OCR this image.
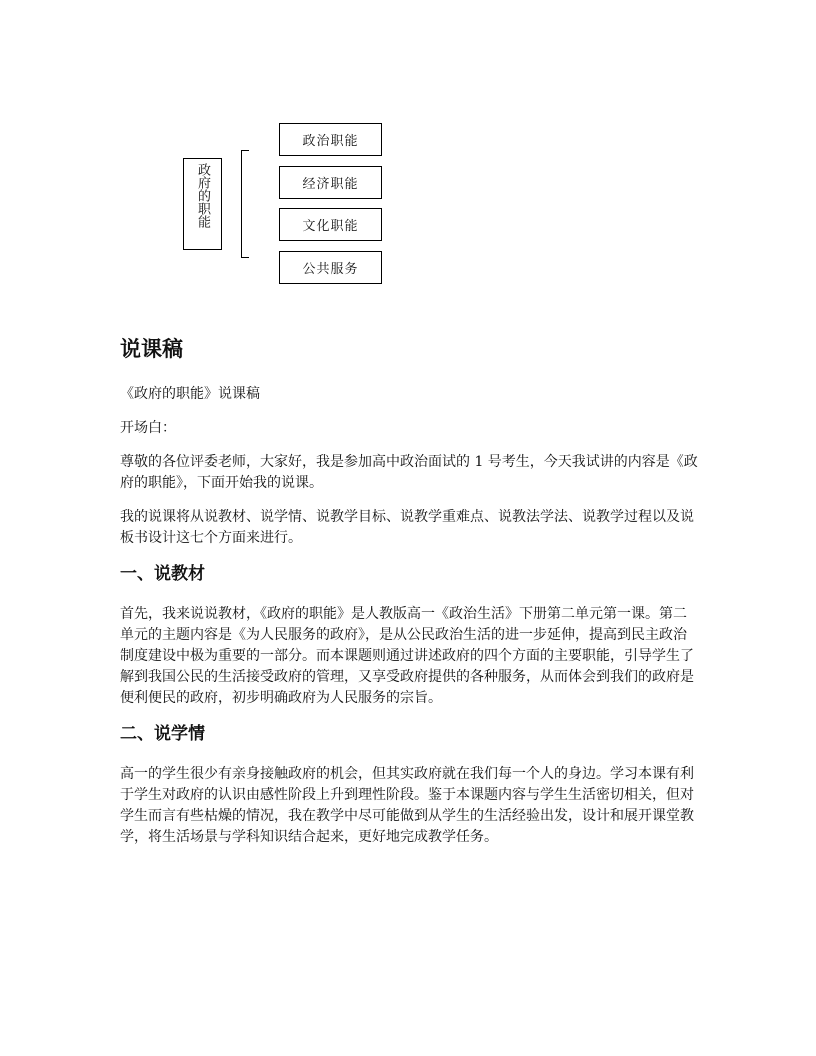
政府的职能
政治职能
经济职能
文化职能
公共服务
说课稿

《政府的职能》说课稿

开场白：

尊敬的各位评委老师，大家好，我是参加高中政治面试的 1 号考生，今天我试讲的内容是《政府的职能》，下面开始我的说课。

我的说课将从说教材、说学情、说教学目标、说教学重难点、说教法学法、说教学过程以及说板书设计这七个方面来进行。

一、说教材

首先，我来说说教材，《政府的职能》是人教版高一《政治生活》下册第二单元第一课。第二单元的主题内容是《为人民服务的政府》，是从公民政治生活的进一步延伸，提高到民主政治制度建设中极为重要的一部分。而本课题则通过讲述政府的四个方面的主要职能，引导学生了解到我国公民的生活接受政府的管理，又享受政府提供的各种服务，从而体会到我们的政府是便利便民的政府，初步明确政府为人民服务的宗旨。

二、说学情

高一的学生很少有亲身接触政府的机会，但其实政府就在我们每一个人的身边。学习本课有利于学生对政府的认识由感性阶段上升到理性阶段。鉴于本课题内容与学生生活密切相关，但对学生而言有些枯燥的情况，我在教学中尽可能做到从学生的生活经验出发，设计和展开课堂教学，将生活场景与学科知识结合起来，更好地完成教学任务。
